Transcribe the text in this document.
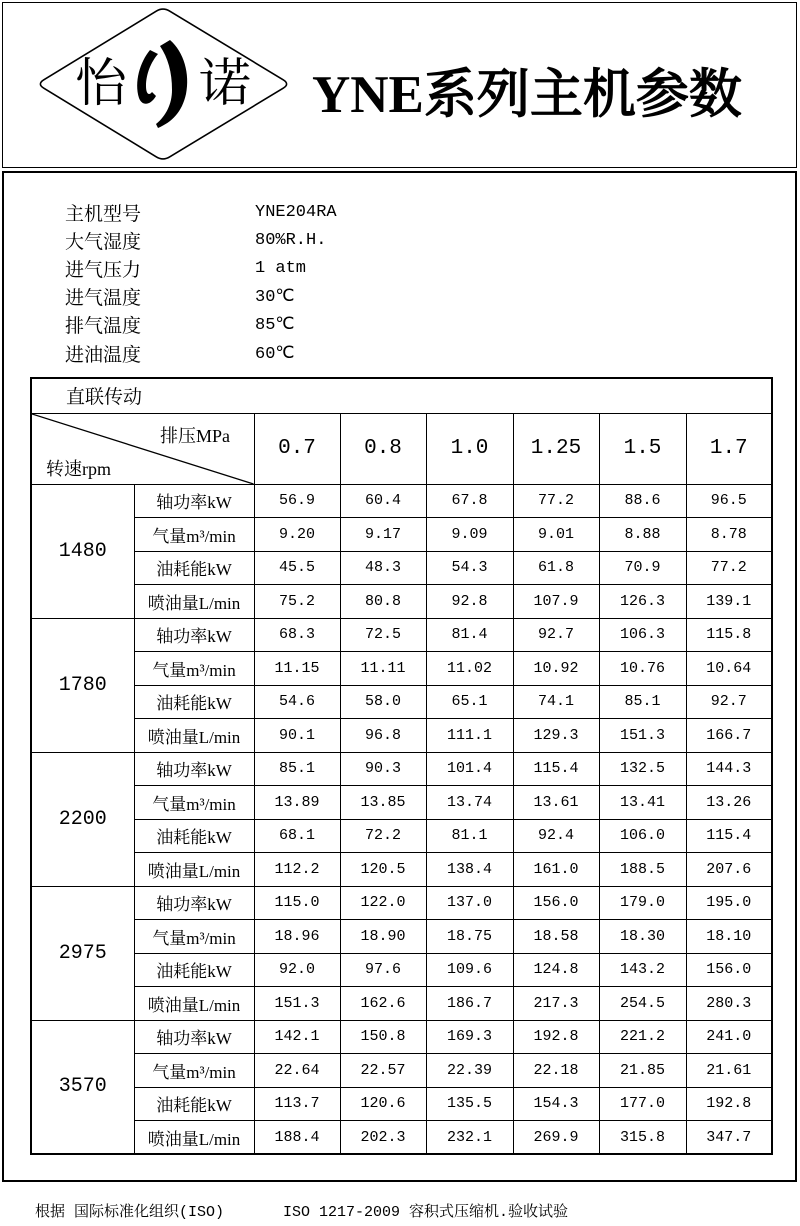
怡 诺 YNE系列主机参数
主机型号	YNE204RA
大气湿度	80%R.H.
进气压力	1 atm
进气温度	30℃
排气温度	85℃
进油温度	60℃
直联传动							

排压MPa
转速rpm		0.7	0.8	1.0	1.25	1.5	1.7
1480	轴功率kW	56.9	60.4	67.8	77.2	88.6	96.5
	气量m³/min	9.20	9.17	9.09	9.01	8.88	8.78
	油耗能kW	45.5	48.3	54.3	61.8	70.9	77.2
	喷油量L/min	75.2	80.8	92.8	107.9	126.3	139.1
1780	轴功率kW	68.3	72.5	81.4	92.7	106.3	115.8
	气量m³/min	11.15	11.11	11.02	10.92	10.76	10.64
	油耗能kW	54.6	58.0	65.1	74.1	85.1	92.7
	喷油量L/min	90.1	96.8	111.1	129.3	151.3	166.7
2200	轴功率kW	85.1	90.3	101.4	115.4	132.5	144.3
	气量m³/min	13.89	13.85	13.74	13.61	13.41	13.26
	油耗能kW	68.1	72.2	81.1	92.4	106.0	115.4
	喷油量L/min	112.2	120.5	138.4	161.0	188.5	207.6
2975	轴功率kW	115.0	122.0	137.0	156.0	179.0	195.0
	气量m³/min	18.96	18.90	18.75	18.58	18.30	18.10
	油耗能kW	92.0	97.6	109.6	124.8	143.2	156.0
	喷油量L/min	151.3	162.6	186.7	217.3	254.5	280.3
3570	轴功率kW	142.1	150.8	169.3	192.8	221.2	241.0
	气量m³/min	22.64	22.57	22.39	22.18	21.85	21.61
	油耗能kW	113.7	120.6	135.5	154.3	177.0	192.8
	喷油量L/min	188.4	202.3	232.1	269.9	315.8	347.7
根据 国际标准化组织(ISO)	ISO 1217-2009 容积式压缩机.验收试验
